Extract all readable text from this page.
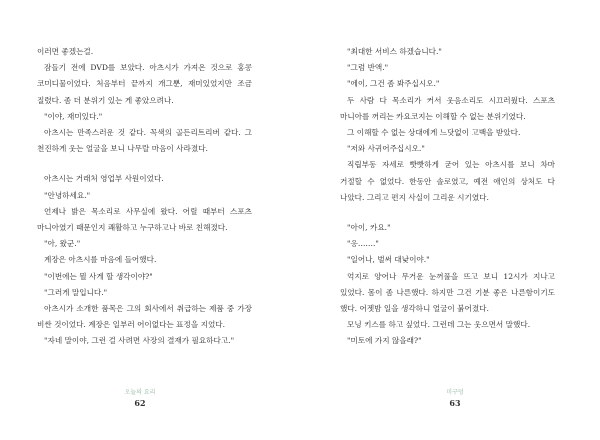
이러면 좋겠는걸.

잠들기 전에 DVD를 보았다. 아츠시가 가져온 것으로 홍콩 코미디물이었다. 처음부터 끝까지 개그뿐, 재미있었지만 조금 질렸다. 좀 더 분위기 있는 게 좋았으려나.

"이야, 재미있다."

아츠시는 만족스러운 것 같다. 꼭색의 골든리트리버 같다. 그 천진하게 웃는 얼굴을 보니 나무랄 마음이 사라졌다.

아츠시는 거래처 영업부 사원이었다.

"안녕하세요."

언제나 밝은 목소리로 사무실에 왔다. 어릴 때부터 스포츠 마니아였기 때문인지 쾌활하고 누구하고나 바로 친해졌다.

"아, 왔군."

계장은 아츠시를 마음에 들어했다.

"이번에는 뭘 사게 할 생각이야?"

"그러게 말입니다."

아츠시가 소개한 품목은 그의 회사에서 취급하는 제품 중 가장 비싼 것이었다. 계장은 일부러 어이없다는 표정을 지었다.

"자네 말이야, 그런 걸 사려면 사장의 결재가 필요하다고."

오늘의 요리
62

"최대한 서비스 하겠습니다."

"그럼 반액."

"에이, 그건 좀 봐주십시오."

두 사람 다 목소리가 커서 웃음소리도 시끄러웠다. 스포츠 마니아를 꺼리는 카요코지는 이해할 수 없는 분위기였다.

그 이해할 수 없는 상대에게 느닷없이 고백을 받았다.

"저와 사귀어주십시오."

직립부동 자세로 빳빳하게 굳어 있는 아츠시를 보니 차마 거절할 수 없었다. 한동안 솔로였고, 예전 애인의 상처도 다 나았다. 그리고 편지 사실이 그리운 시기였다.

"아이, 카요."

"응……."

"일어나, 벌써 대낮이야."

억지로 양어나 무거운 눈꺼풀을 뜨고 보니 12시가 지나고 있었다. 몸이 좀 나른했다. 하지만 그건 기분 좋은 나른함이기도 했다. 어젯밤 일을 생각하니 얼굴이 붉어졌다.

모닝 키스를 하고 싶었다. 그런데 그는 웃으면서 말했다.

"미토에 가지 않을래?"

미구덩
63
